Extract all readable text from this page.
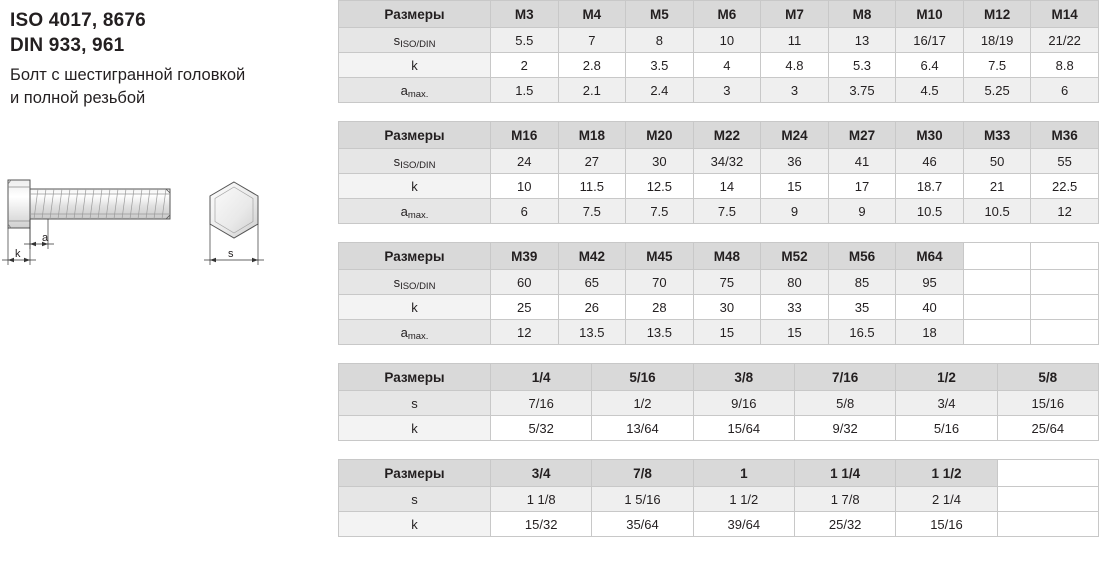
ISO 4017, 8676
DIN 933, 961
Болт с шестигранной головкой
и полной резьбой
a
k	s
Размеры	M3	M4	M5	M6	M7	M8	M10	M12	M14
sISO/DIN	5.5	7	8	10	11	13	16/17	18/19	21/22
k	2	2.8	3.5	4	4.8	5.3	6.4	7.5	8.8
amax.	1.5	2.1	2.4	3	3	3.75	4.5	5.25	6
Размеры	M16	M18	M20	M22	M24	M27	M30	M33	M36
sISO/DIN	24	27	30	34/32	36	41	46	50	55
k	10	11.5	12.5	14	15	17	18.7	21	22.5
amax.	6	7.5	7.5	7.5	9	9	10.5	10.5	12
Размеры	M39	M42	M45	M48	M52	M56	M64		
sISO/DIN	60	65	70	75	80	85	95		
k	25	26	28	30	33	35	40		
amax.	12	13.5	13.5	15	15	16.5	18		
Размеры	1/4	5/16	3/8	7/16	1/2	5/8
s	7/16	1/2	9/16	5/8	3/4	15/16
k	5/32	13/64	15/64	9/32	5/16	25/64
Размеры	3/4	7/8	1	1 1/4	1 1/2	
s	1 1/8	1 5/16	1 1/2	1 7/8	2 1/4	
k	15/32	35/64	39/64	25/32	15/16	
